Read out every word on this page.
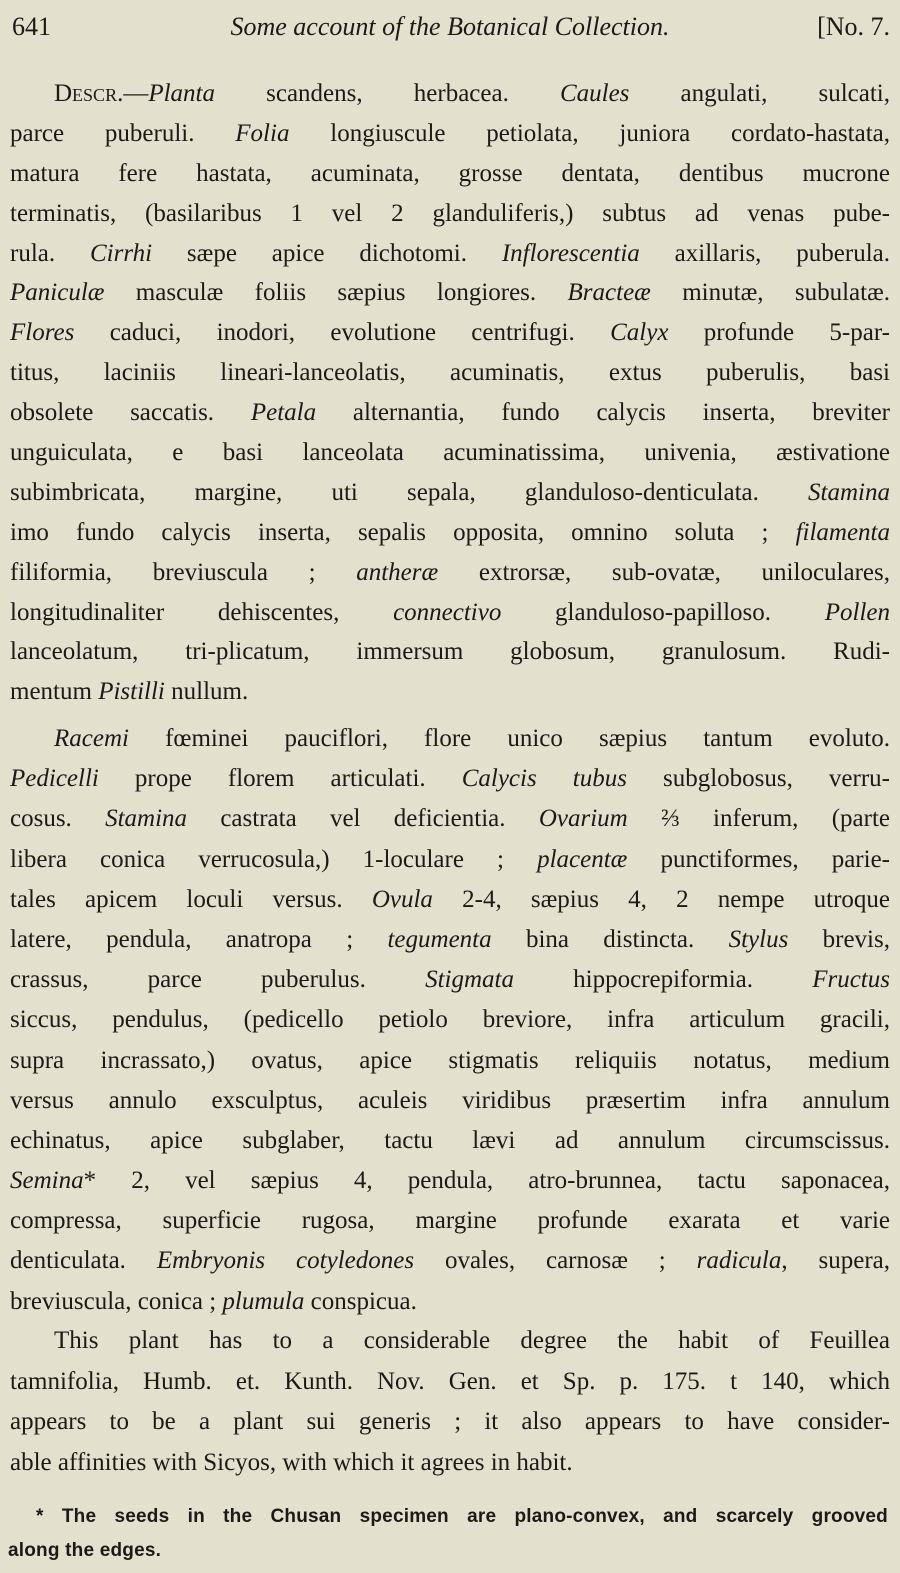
641	Some account of the Botanical Collection.	[No. 7.
Descr.—Planta scandens, herbacea. Caules angulati, sulcati,
parce puberuli. Folia longiuscule petiolata, juniora cordato-hastata,
matura fere hastata, acuminata, grosse dentata, dentibus mucrone
terminatis, (basilaribus 1 vel 2 glanduliferis,) subtus ad venas pube-
rula. Cirrhi sæpe apice dichotomi. Inflorescentia axillaris, puberula.
Paniculæ masculæ foliis sæpius longiores. Bracteæ minutæ, subulatæ.
Flores caduci, inodori, evolutione centrifugi. Calyx profunde 5-par-
titus, laciniis lineari-lanceolatis, acuminatis, extus puberulis, basi
obsolete saccatis. Petala alternantia, fundo calycis inserta, breviter
unguiculata, e basi lanceolata acuminatissima, univenia, æstivatione
subimbricata, margine, uti sepala, glanduloso-denticulata. Stamina
imo fundo calycis inserta, sepalis opposita, omnino soluta ; filamenta
filiformia, breviuscula ; antheræ extrorsæ, sub-ovatæ, uniloculares,
longitudinaliter dehiscentes, connectivo glanduloso-papilloso. Pollen
lanceolatum, tri-plicatum, immersum globosum, granulosum. Rudi-
mentum Pistilli nullum.
Racemi fœminei pauciflori, flore unico sæpius tantum evoluto.
Pedicelli prope florem articulati. Calycis tubus subglobosus, verru-
cosus. Stamina castrata vel deficientia. Ovarium ⅔ inferum, (parte
libera conica verrucosula,) 1-loculare ; placentæ punctiformes, parie-
tales apicem loculi versus. Ovula 2-4, sæpius 4, 2 nempe utroque
latere, pendula, anatropa ; tegumenta bina distincta. Stylus brevis,
crassus, parce puberulus. Stigmata hippocrepiformia. Fructus
siccus, pendulus, (pedicello petiolo breviore, infra articulum gracili,
supra incrassato,) ovatus, apice stigmatis reliquiis notatus, medium
versus annulo exsculptus, aculeis viridibus præsertim infra annulum
echinatus, apice subglaber, tactu lævi ad annulum circumscissus.
Semina* 2, vel sæpius 4, pendula, atro-brunnea, tactu saponacea,
compressa, superficie rugosa, margine profunde exarata et varie
denticulata. Embryonis cotyledones ovales, carnosæ ; radicula, supera,
breviuscula, conica ; plumula conspicua.
This plant has to a considerable degree the habit of Feuillea
tamnifolia, Humb. et. Kunth. Nov. Gen. et Sp. p. 175. t 140, which
appears to be a plant sui generis ; it also appears to have consider-
able affinities with Sicyos, with which it agrees in habit.
* The seeds in the Chusan specimen are plano-convex, and scarcely grooved
along the edges.
